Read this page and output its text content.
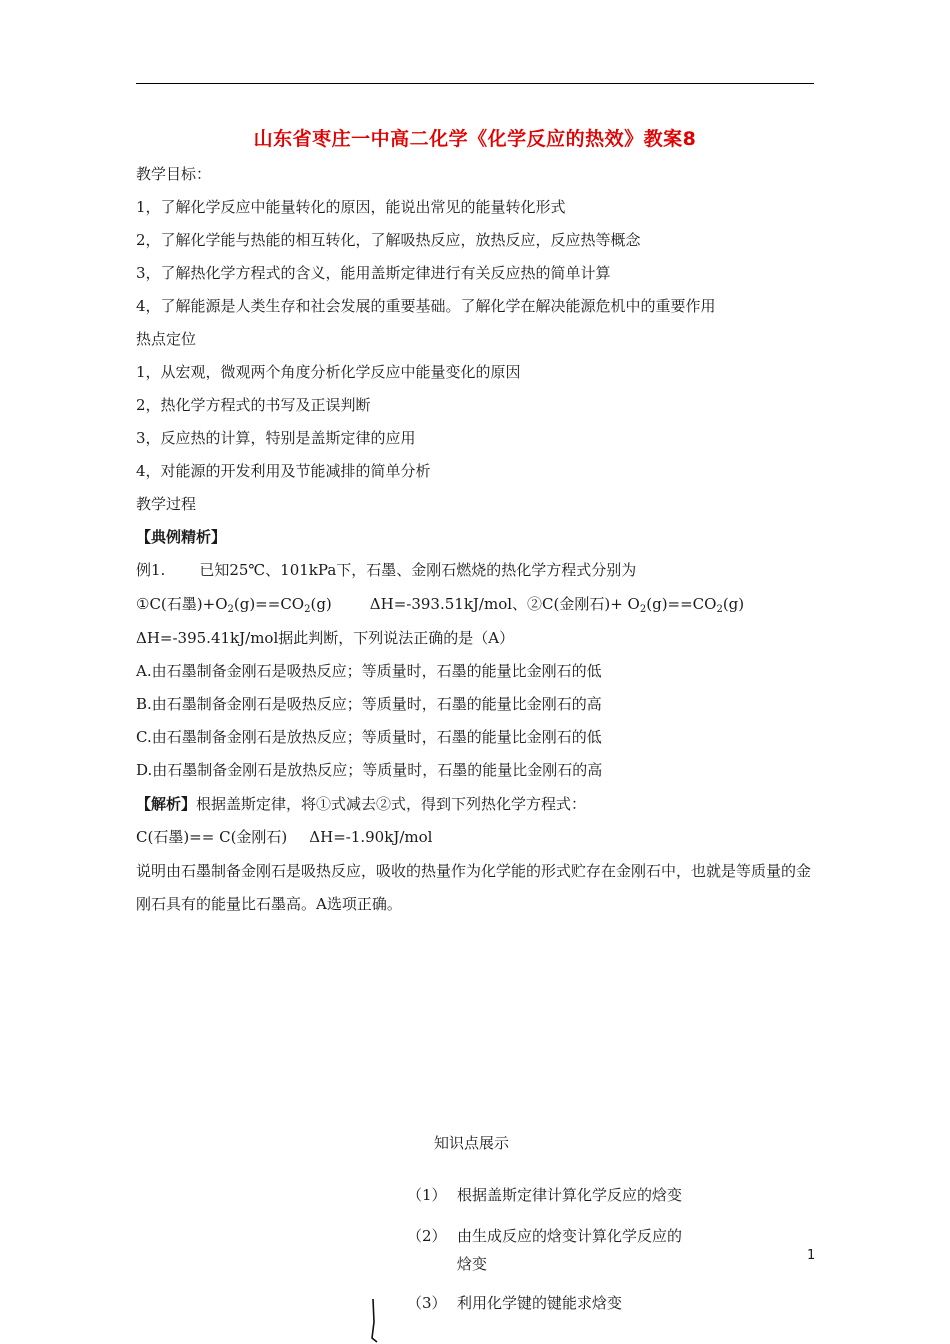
山东省枣庄一中高二化学《化学反应的热效》教案8
教学目标：
1，了解化学反应中能量转化的原因，能说出常见的能量转化形式
2，了解化学能与热能的相互转化，了解吸热反应，放热反应，反应热等概念
3，了解热化学方程式的含义，能用盖斯定律进行有关反应热的简单计算
4，了解能源是人类生存和社会发展的重要基础。了解化学在解决能源危机中的重要作用
热点定位
1，从宏观，微观两个角度分析化学反应中能量变化的原因
2，热化学方程式的书写及正误判断
3，反应热的计算，特别是盖斯定律的应用
4，对能源的开发利用及节能减排的简单分析
教学过程
【典例精析】
例1. 已知25℃、101kPa下，石墨、金刚石燃烧的热化学方程式分别为
①C(石墨)$+O_2(g)==CO_2(g)$	ΔH=-393.51kJ/mol、②C(金刚石)+ $O_2(g)==CO_2(g)$
ΔH=-395.41kJ/mol据此判断，下列说法正确的是（A）
A.由石墨制备金刚石是吸热反应；等质量时，石墨的能量比金刚石的低
B.由石墨制备金刚石是吸热反应；等质量时，石墨的能量比金刚石的高
C.由石墨制备金刚石是放热反应；等质量时，石墨的能量比金刚石的低
D.由石墨制备金刚石是放热反应；等质量时，石墨的能量比金刚石的高
【解析】根据盖斯定律，将①式减去②式，得到下列热化学方程式：
C(石墨)== C(金刚石) ΔH=-1.90kJ/mol
说明由石墨制备金刚石是吸热反应，吸收的热量作为化学能的形式贮存在金刚石中，也就是等质量的金刚石具有的能量比石墨高。A选项正确。
知识点展示
（1） 根据盖斯定律计算化学反应的焓变
（2） 由生成反应的焓变计算化学反应的
焓变
（3） 利用化学键的键能求焓变
1
